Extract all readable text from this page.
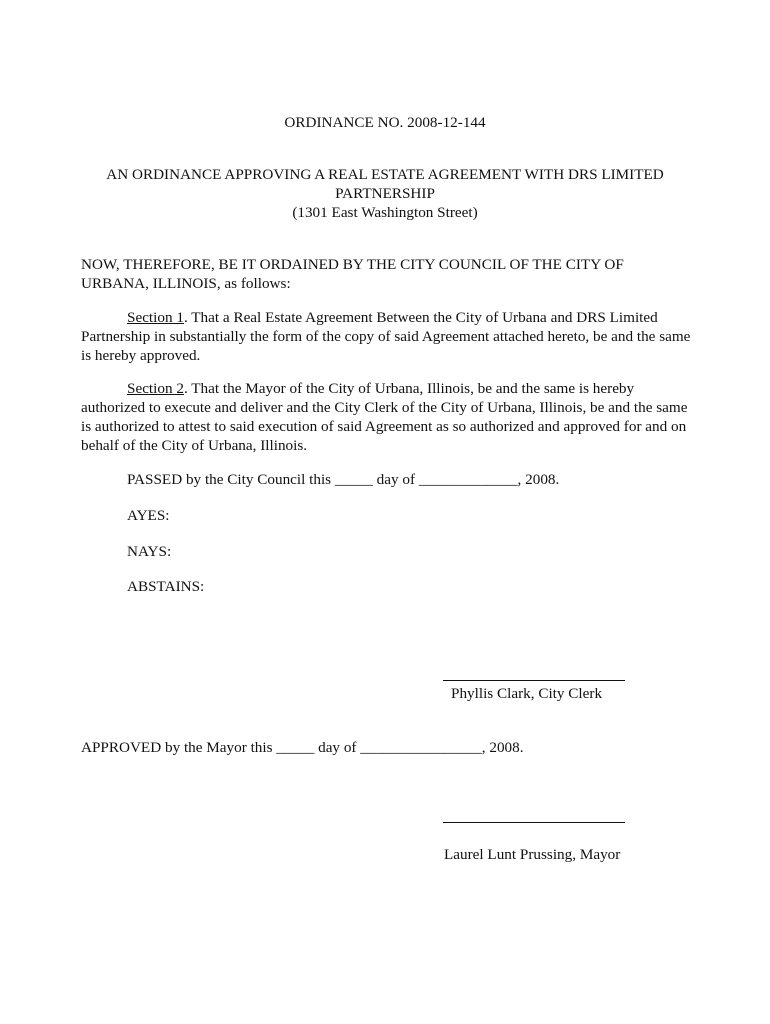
ORDINANCE NO. 2008-12-144
AN ORDINANCE APPROVING A REAL ESTATE AGREEMENT WITH DRS LIMITED
PARTNERSHIP
(1301 East Washington Street)
NOW, THEREFORE, BE IT ORDAINED BY THE CITY COUNCIL OF THE CITY OF
URBANA, ILLINOIS, as follows:
Section 1. That a Real Estate Agreement Between the City of Urbana and DRS Limited
Partnership in substantially the form of the copy of said Agreement attached hereto, be and the same
is hereby approved.
Section 2. That the Mayor of the City of Urbana, Illinois, be and the same is hereby
authorized to execute and deliver and the City Clerk of the City of Urbana, Illinois, be and the same
is authorized to attest to said execution of said Agreement as so authorized and approved for and on
behalf of the City of Urbana, Illinois.
PASSED by the City Council this _____ day of _____________, 2008.
AYES:
NAYS:
ABSTAINS:
Phyllis Clark, City Clerk
APPROVED by the Mayor this _____ day of ________________, 2008.
Laurel Lunt Prussing, Mayor
